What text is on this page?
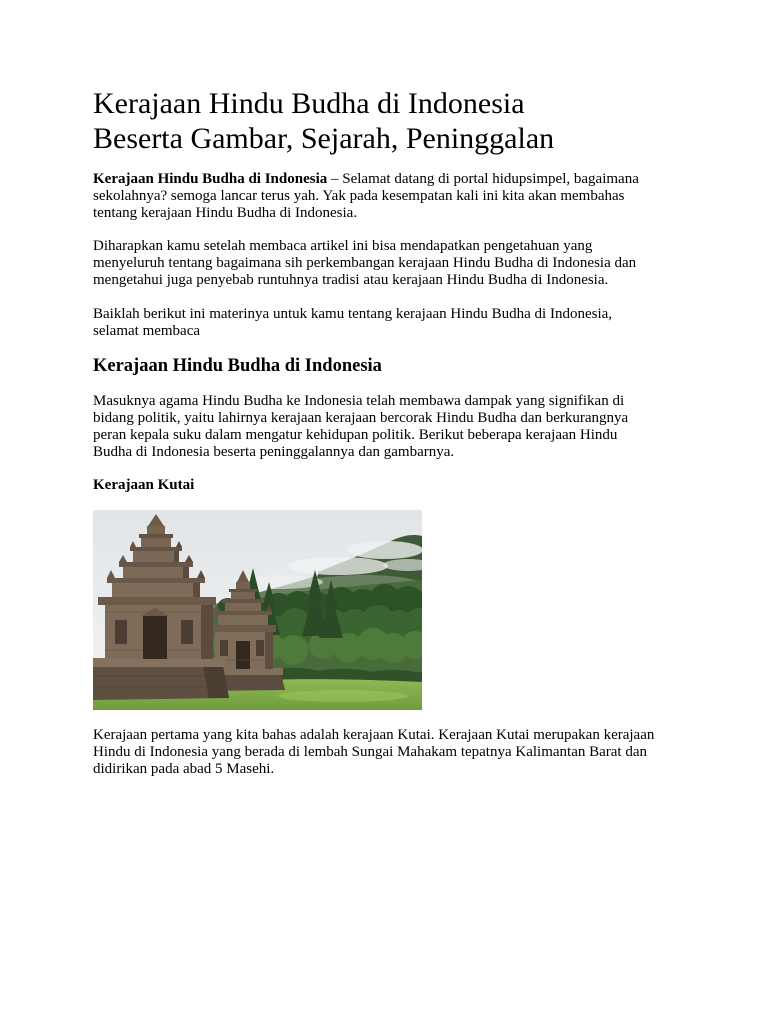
Kerajaan Hindu Budha di Indonesia
Beserta Gambar, Sejarah, Peninggalan

Kerajaan Hindu Budha di Indonesia – Selamat datang di portal hidupsimpel, bagaimana
sekolahnya? semoga lancar terus yah. Yak pada kesempatan kali ini kita akan membahas
tentang kerajaan Hindu Budha di Indonesia.

Diharapkan kamu setelah membaca artikel ini bisa mendapatkan pengetahuan yang
menyeluruh tentang bagaimana sih perkembangan kerajaan Hindu Budha di Indonesia dan
mengetahui juga penyebab runtuhnya tradisi atau kerajaan Hindu Budha di Indonesia.

Baiklah berikut ini materinya untuk kamu tentang kerajaan Hindu Budha di Indonesia,
selamat membaca

Kerajaan Hindu Budha di Indonesia

Masuknya agama Hindu Budha ke Indonesia telah membawa dampak yang signifikan di
bidang politik, yaitu lahirnya kerajaan kerajaan bercorak Hindu Budha dan berkurangnya
peran kepala suku dalam mengatur kehidupan politik. Berikut beberapa kerajaan Hindu
Budha di Indonesia beserta peninggalannya dan gambarnya.

Kerajaan Kutai

Kerajaan pertama yang kita bahas adalah kerajaan Kutai. Kerajaan Kutai merupakan kerajaan
Hindu di Indonesia yang berada di lembah Sungai Mahakam tepatnya Kalimantan Barat dan
didirikan pada abad 5 Masehi.
